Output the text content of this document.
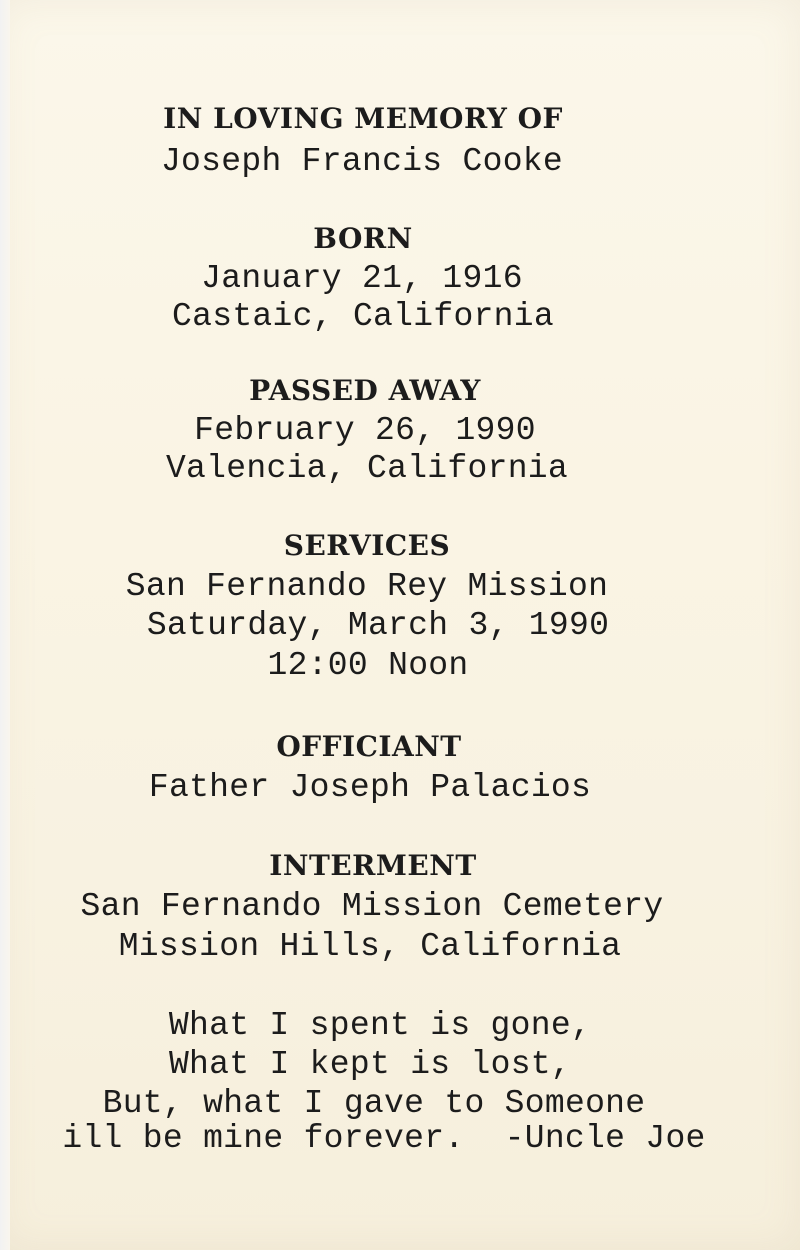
IN LOVING MEMORY OF
Joseph Francis Cooke
BORN
January 21, 1916
Castaic, California
PASSED AWAY
February 26, 1990
Valencia, California
SERVICES
San Fernando Rey Mission
Saturday, March 3, 1990
12:00 Noon
OFFICIANT
Father Joseph Palacios
INTERMENT
San Fernando Mission Cemetery
Mission Hills, California
What I spent is gone,
What I kept is lost,
But, what I gave to Someone
ill be mine forever.  -Uncle Joe
